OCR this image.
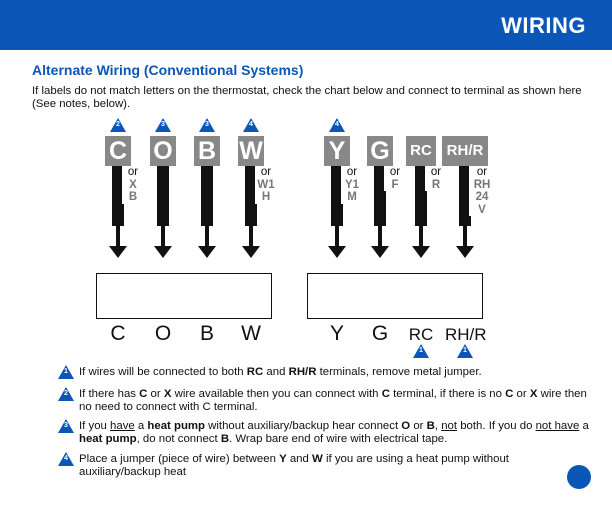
WIRING
Alternate Wiring (Conventional Systems)
If labels do not match letters on the thermostat, check the chart below and connect to terminal as shown here (See notes, below).
2
C
or
X
B
3
O
3
B
4
W
or
W1
H
4
Y
or
Y1
M
G
or
F
RC
or
R
RH/R
or
RH
24
V
C	O	B	W	Y	G	RC RH/R
1	1
1 If wires will be connected to both RC and RH/R terminals, remove metal jumper.
2 If there has C or X wire available then you can connect with C terminal, if there is no C or X wire then no need to connect with C terminal.
3 If you have a heat pump without auxiliary/backup hear connect O or B, not both. If you do not have a heat pump, do not connect B. Wrap bare end of wire with electrical tape.
4 Place a jumper (piece of wire) between Y and W if you are using a heat pump without auxiliary/backup heat
